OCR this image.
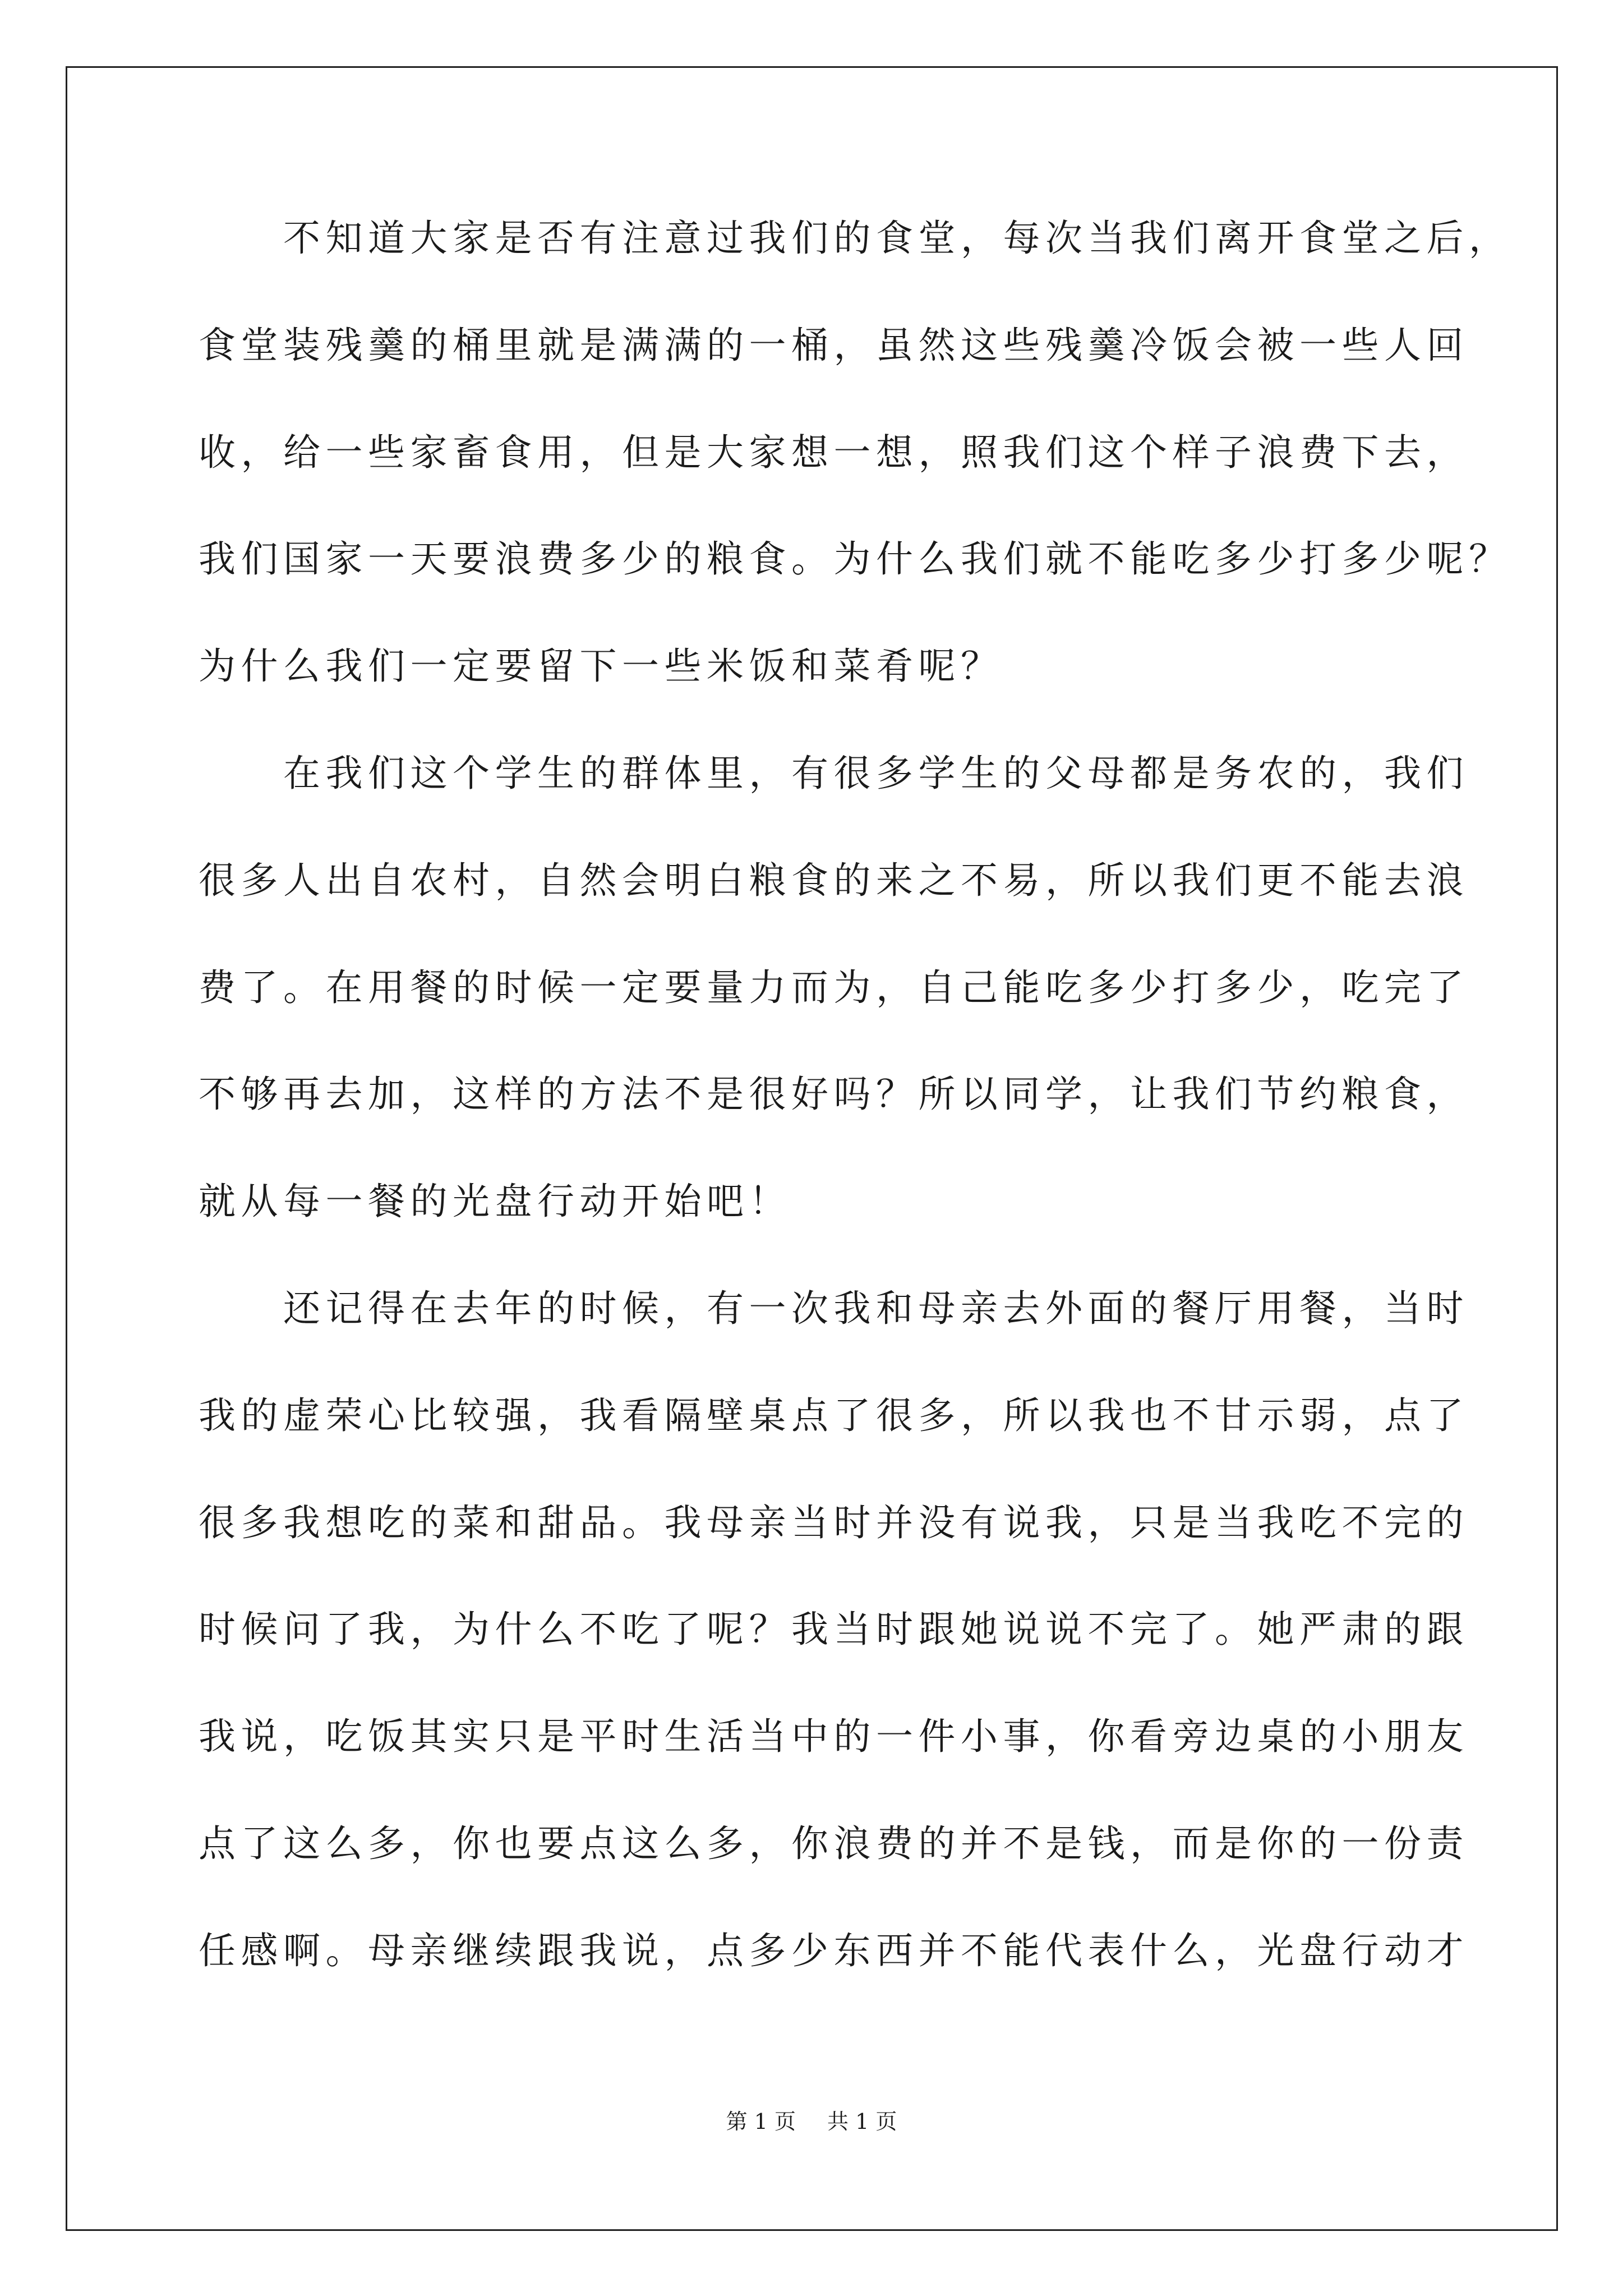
不知道大家是否有注意过我们的食堂，每次当我们离开食堂之后，
食堂装残羹的桶里就是满满的一桶，虽然这些残羹冷饭会被一些人回
收，给一些家畜食用，但是大家想一想，照我们这个样子浪费下去，
我们国家一天要浪费多少的粮食。为什么我们就不能吃多少打多少呢？
为什么我们一定要留下一些米饭和菜肴呢？
在我们这个学生的群体里，有很多学生的父母都是务农的，我们
很多人出自农村，自然会明白粮食的来之不易，所以我们更不能去浪
费了。在用餐的时候一定要量力而为，自己能吃多少打多少，吃完了
不够再去加，这样的方法不是很好吗？所以同学，让我们节约粮食，
就从每一餐的光盘行动开始吧！
还记得在去年的时候，有一次我和母亲去外面的餐厅用餐，当时
我的虚荣心比较强，我看隔壁桌点了很多，所以我也不甘示弱，点了
很多我想吃的菜和甜品。我母亲当时并没有说我，只是当我吃不完的
时候问了我，为什么不吃了呢？我当时跟她说说不完了。她严肃的跟
我说，吃饭其实只是平时生活当中的一件小事，你看旁边桌的小朋友
点了这么多，你也要点这么多，你浪费的并不是钱，而是你的一份责
任感啊。母亲继续跟我说，点多少东西并不能代表什么，光盘行动才
第 1 页 共 1 页
